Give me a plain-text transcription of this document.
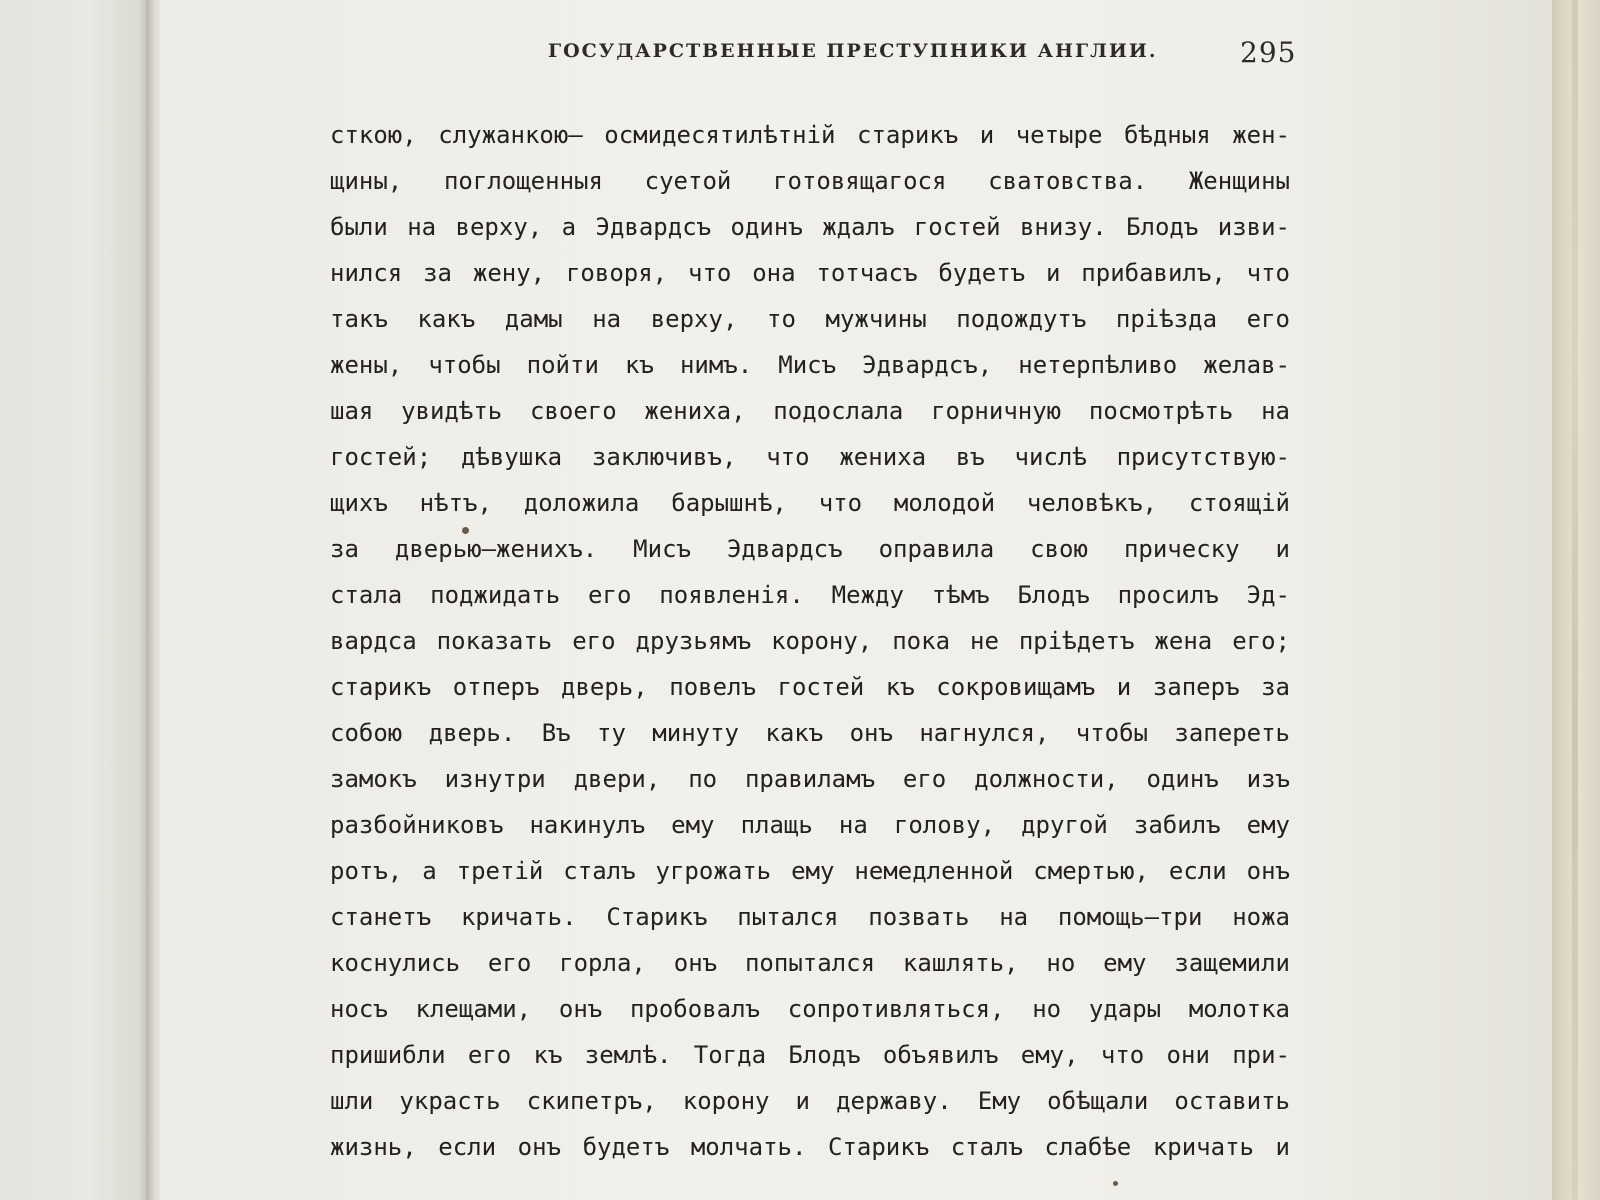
ГОСУДАРСТВЕННЫЕ ПРЕСТУПНИКИ АНГЛИИ.	295
сткою, служанкою— осмидесятилѣтній старикъ и четыре бѣдныя жен-
щины, поглощенныя суетой готовящагося сватовства. Женщины
были на верху, а Эдвардсъ одинъ ждалъ гостей внизу. Блодъ изви-
нился за жену, говоря, что она тотчасъ будетъ и прибавилъ, что
такъ какъ дамы на верху, то мужчины подождутъ пріѣзда его
жены, чтобы пойти къ нимъ. Мисъ Эдвардсъ, нетерпѣливо желав-
шая увидѣть своего жениха, подослала горничную посмотрѣть на
гостей; дѣвушка заключивъ, что жениха въ числѣ присутствую-
щихъ нѣтъ, доложила барышнѣ, что молодой человѣкъ, стоящій
за дверью—женихъ. Мисъ Эдвардсъ оправила свою прическу и
стала поджидать его появленія. Между тѣмъ Блодъ просилъ Эд-
вардса показать его друзьямъ корону, пока не пріѣдетъ жена его;
старикъ отперъ дверь, повелъ гостей къ сокровищамъ и заперъ за
собою дверь. Въ ту минуту какъ онъ нагнулся, чтобы запереть
замокъ изнутри двери, по правиламъ его должности, одинъ изъ
разбойниковъ накинулъ ему плащь на голову, другой забилъ ему
ротъ, а третій сталъ угрожать ему немедленной смертью, если онъ
станетъ кричать. Старикъ пытался позвать на помощь—три ножа
коснулись его горла, онъ попытался кашлять, но ему защемили
носъ клещами, онъ пробовалъ сопротивляться, но удары молотка
пришибли его къ землѣ. Тогда Блодъ объявилъ ему, что они при-
шли украсть скипетръ, корону и державу. Ему обѣщали оставить
жизнь, если онъ будетъ молчать. Старикъ сталъ слабѣе кричать и
